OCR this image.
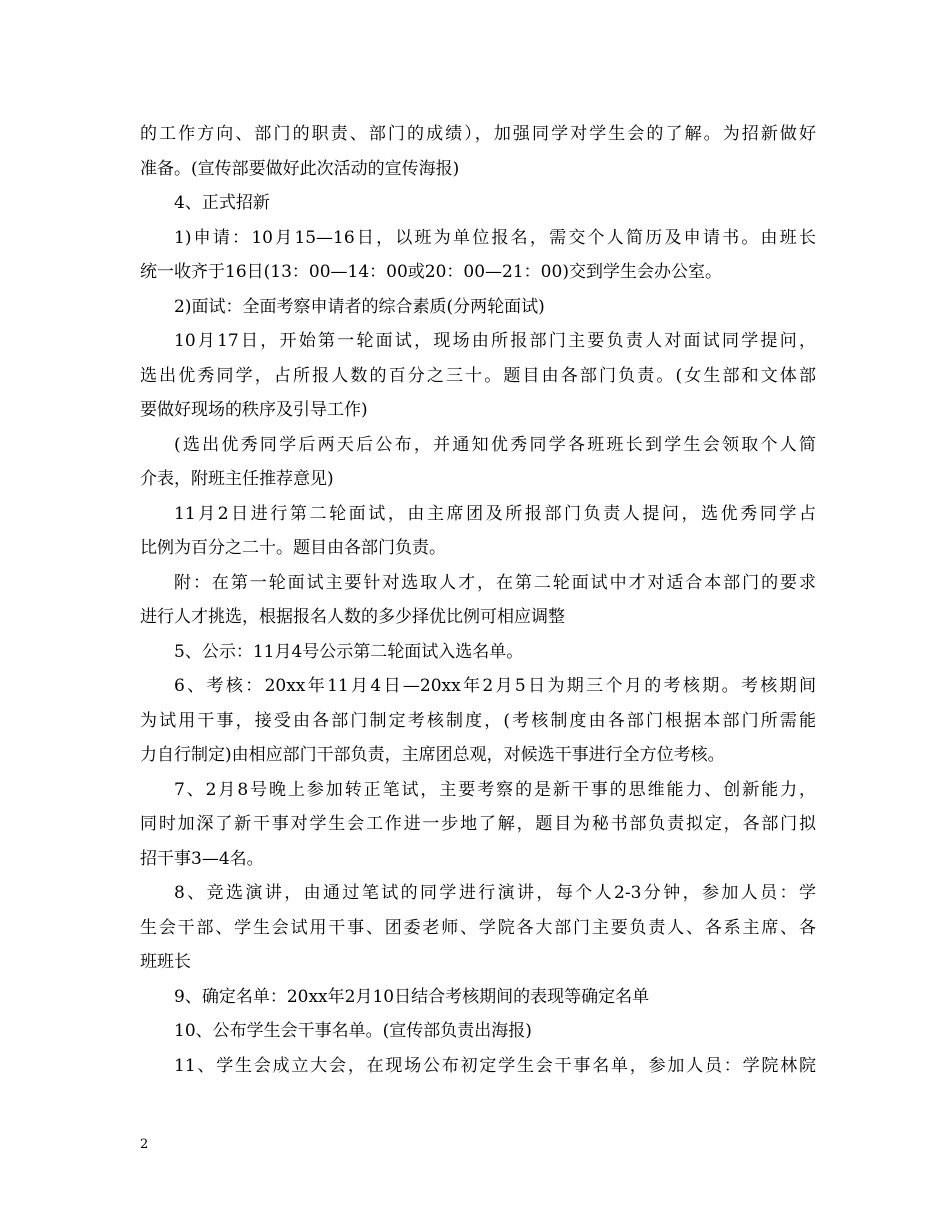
的工作方向、部门的职责、部门的成绩），加强同学对学生会的了解。为招新做好
准备。(宣传部要做好此次活动的宣传海报)
4、正式招新
1)申请：10月15—16日，以班为单位报名，需交个人简历及申请书。由班长
统一收齐于16日(13：00—14：00或20：00—21：00)交到学生会办公室。
2)面试：全面考察申请者的综合素质(分两轮面试)
10月17日，开始第一轮面试，现场由所报部门主要负责人对面试同学提问，
选出优秀同学，占所报人数的百分之三十。题目由各部门负责。(女生部和文体部
要做好现场的秩序及引导工作)
(选出优秀同学后两天后公布，并通知优秀同学各班班长到学生会领取个人简
介表，附班主任推荐意见)
11月2日进行第二轮面试，由主席团及所报部门负责人提问，选优秀同学占
比例为百分之二十。题目由各部门负责。
附：在第一轮面试主要针对选取人才，在第二轮面试中才对适合本部门的要求
进行人才挑选，根据报名人数的多少择优比例可相应调整
5、公示：11月4号公示第二轮面试入选名单。
6、考核：20xx年11月4日—20xx年2月5日为期三个月的考核期。考核期间
为试用干事，接受由各部门制定考核制度，(考核制度由各部门根据本部门所需能
力自行制定)由相应部门干部负责，主席团总观，对候选干事进行全方位考核。
7、2月8号晚上参加转正笔试，主要考察的是新干事的思维能力、创新能力，
同时加深了新干事对学生会工作进一步地了解，题目为秘书部负责拟定，各部门拟
招干事3—4名。
8、竞选演讲，由通过笔试的同学进行演讲，每个人2-3分钟，参加人员：学
生会干部、学生会试用干事、团委老师、学院各大部门主要负责人、各系主席、各
班班长
9、确定名单：20xx年2月10日结合考核期间的表现等确定名单
10、公布学生会干事名单。(宣传部负责出海报)
11、学生会成立大会，在现场公布初定学生会干事名单，参加人员：学院林院
2
